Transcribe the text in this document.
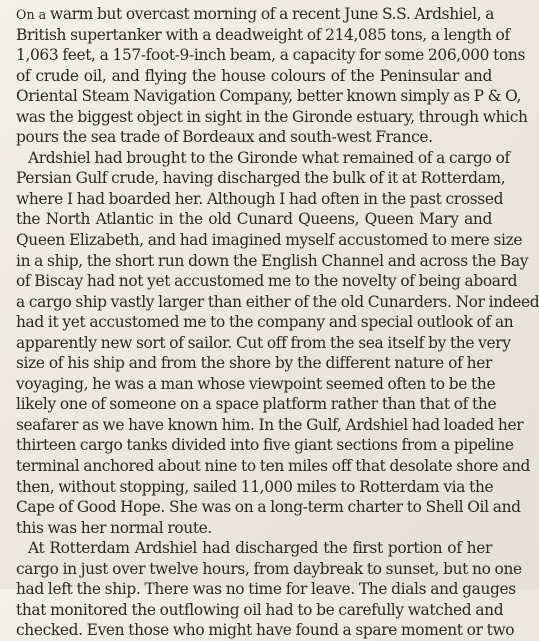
On a warm but overcast morning of a recent June S.S. Ardshiel, a
British supertanker with a deadweight of 214,085 tons, a length of
1,063 feet, a 157-foot-9-inch beam, a capacity for some 206,000 tons
of crude oil, and flying the house colours of the Peninsular and
Oriental Steam Navigation Company, better known simply as P & O,
was the biggest object in sight in the Gironde estuary, through which
pours the sea trade of Bordeaux and south-west France.
Ardshiel had brought to the Gironde what remained of a cargo of
Persian Gulf crude, having discharged the bulk of it at Rotterdam,
where I had boarded her. Although I had often in the past crossed
the North Atlantic in the old Cunard Queens, Queen Mary and
Queen Elizabeth, and had imagined myself accustomed to mere size
in a ship, the short run down the English Channel and across the Bay
of Biscay had not yet accustomed me to the novelty of being aboard
a cargo ship vastly larger than either of the old Cunarders. Nor indeed
had it yet accustomed me to the company and special outlook of an
apparently new sort of sailor. Cut off from the sea itself by the very
size of his ship and from the shore by the different nature of her
voyaging, he was a man whose viewpoint seemed often to be the
likely one of someone on a space platform rather than that of the
seafarer as we have known him. In the Gulf, Ardshiel had loaded her
thirteen cargo tanks divided into five giant sections from a pipeline
terminal anchored about nine to ten miles off that desolate shore and
then, without stopping, sailed 11,000 miles to Rotterdam via the
Cape of Good Hope. She was on a long-term charter to Shell Oil and
this was her normal route.
At Rotterdam Ardshiel had discharged the first portion of her
cargo in just over twelve hours, from daybreak to sunset, but no one
had left the ship. There was no time for leave. The dials and gauges
that monitored the outflowing oil had to be carefully watched and
checked. Even those who might have found a spare moment or two
